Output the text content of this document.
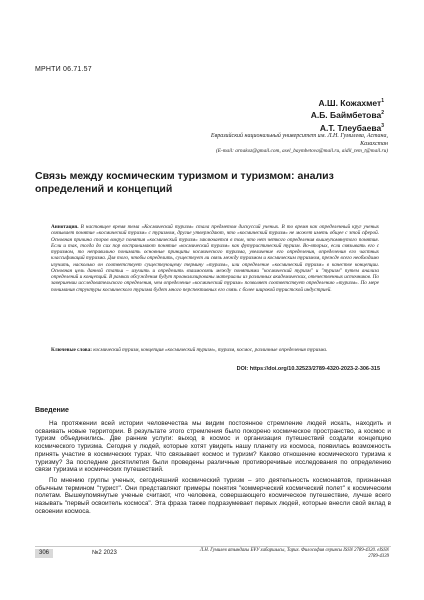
МРНТИ 06.71.57
А.Ш. Кожахмет$^1$
А.Б. Баймбетова$^2$
А.Т. Тлеубаева$^3$
Евразийский национальный университет им. Л.Н. Гумилева, Астана, Казахстан
(E-mail: arnakoz@gmail.com, asel_baymbetova@mail.ru, aidil_tem_t@mail.ru)
Связь между космическим туризмом и туризмом: анализ определений и концепций
Аннотация. В настоящее время тема «Космический туризм» стала предметом дискуссий ученых. В то время как определенный круг ученых связывает понятие «космический туризм» с туризмом, другие утверждают, что «космический туризм» не может иметь общее с этой сферой. Основная причина споров вокруг понятия «космический туризм» заключается в том, что нет четкого определения вышеупомянутого понятия. Если и так, тогда до сих пор воспринимают понятие «космический туризм» как футуристический туризм. Во-вторых, если связывать его с туризмом, то неправильно понимать основные принципы космического туризма, увеличение его определения, определения его частных классификаций туризма. Для того, чтобы определить, существует ли связь между туризмом и космическим туризмом, прежде всего необходимо изучить, насколько он соответствует существующему термину «туризм», или определение «космический туризм» в качестве концепции. Основная цель данной статьи – изучить и определить взаимосвязь между понятиями "космический туризм" и "туризм" путем анализа определений и концепций. В рамках обсуждения будут проанализированы материалы из различных академических, отечественных источников. По завершении исследовательского определения, чем определение «космический туризм» позволяет соответствует определению «туризм». По мере понимания структуры космического туризма будет много перспективных его связь с более широкой туристской индустрией.
Ключевые слова: космический туризм, концепция «космический туризм», туризм, космос, различные определения туризма.
DOI: https://doi.org/10.32523/2789-4320-2023-2-306-315
Введение

На протяжении всей истории человечества мы видим постоянное стремление людей искать, находить и осваивать новые территории. В результате этого стремления было покорено космическое пространство, а космос и туризм объединились. Две ранние услуги: выход в космос и организация путешествий создали концепцию космического туризма. Сегодня у людей, которые хотят увидеть нашу планету из космоса, появилась возможность принять участие в космических турах. Что связывает космос и туризм? Каково отношение космического туризма к туризму? За последние десятилетия были проведены различные противоречивые исследования по определению связи туризма и космических путешествий.

По мнению группы ученых, сегодняшний космический туризм – это деятельность космонавтов, признанная обычным термином "турист". Они представляют примеры понятия "коммерческий космический полет" к космическим полетам. Вышеупомянутые ученые считают, что человека, совершающего космическое путешествие, лучше всего называть "первый освоитель космоса". Эта фраза также подразумевает первых людей, которые внесли свой вклад в освоении космоса.

306	№2 2023	Л.Н. Гумилев атындағы ЕҰУ хабаршысы, Тарих. Философия сериясы ISSN 2789-4320. eISSN 2789-4339
